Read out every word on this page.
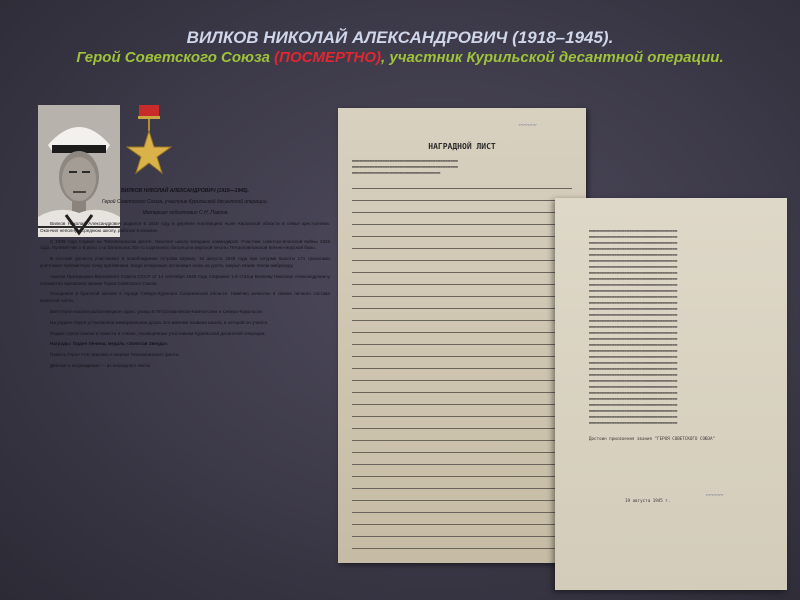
ВИЛКОВ НИКОЛАЙ АЛЕКСАНДРОВИЧ (1918–1945).
Герой Советского Союза (ПОСМЕРТНО), участник Курильской десантной операции.
ВИЛКОВ НИКОЛАЙ АЛЕКСАНДРОВИЧ (1918—1945).
Герой Советского Союза, участник Курильской десантной операции.
Материал подготовил С.Н. Павлов
Вилков Николай Александрович родился в 1918 году в деревне Наговицино ныне Кировской области в семье крестьянина. Окончил неполную среднюю школу, работал в колхозе.
С 1939 года служил на Тихоокеанском флоте. Окончил школу младших командиров. Участник советско-японской войны 1945 года. Пулемётчик 1-й роты 1-го батальона 302-го отдельного батальона морской пехоты Петропавловской военно-морской базы.
В составе десанта участвовал в освобождении острова Шумшу. 18 августа 1945 года при штурме высоты 171 гранатами уничтожил пулемётную точку противника. Когда атакующих остановил огонь из дзота, закрыл своим телом амбразуру.
Указом Президиума Верховного Совета СССР от 14 сентября 1945 года старшине 1-й статьи Вилкову Николаю Александровичу посмертно присвоено звание Героя Советского Союза.
Похоронен в братской могиле в городе Северо-Курильск Сахалинской области. Навечно зачислен в списки личного состава воинской части.
Имя Героя носили рыболовецкое судно, улицы в Петропавловске-Камчатском и Северо-Курильске.
На родине Героя установлена мемориальная доска. Его именем названа школа, в которой он учился.
Подвиг героя описан в повести и стихах, посвящённых участникам Курильской десантной операции.
Награды: Орден Ленина, медаль «Золотая Звезда».
Память Героя чтят земляки и моряки Тихоокеанского флота.
Данные о награждении — из наградного листа.
НАГРАДНОЙ ЛИСТ
▬▬▬▬▬▬▬▬▬▬▬▬▬▬▬▬▬▬▬▬▬▬▬▬▬▬▬▬▬▬▬▬▬▬▬▬▬▬▬▬▬▬
▬▬▬▬▬▬▬▬▬▬▬▬▬▬▬▬▬▬▬▬▬▬▬▬▬▬▬▬▬▬▬▬▬▬▬▬▬▬▬▬▬▬
▬▬▬▬▬▬▬▬▬▬▬▬▬▬▬▬▬▬▬▬▬▬▬▬▬▬▬▬▬▬▬▬▬▬▬
〰〰〰
▬▬▬▬▬▬▬▬▬▬▬▬▬▬▬▬▬▬▬▬▬▬▬▬▬▬▬▬▬▬▬▬▬▬▬
▬▬▬▬▬▬▬▬▬▬▬▬▬▬▬▬▬▬▬▬▬▬▬▬▬▬▬▬▬▬▬▬▬▬▬
▬▬▬▬▬▬▬▬▬▬▬▬▬▬▬▬▬▬▬▬▬▬▬▬▬▬▬▬▬▬▬▬▬▬▬
▬▬▬▬▬▬▬▬▬▬▬▬▬▬▬▬▬▬▬▬▬▬▬▬▬▬▬▬▬▬▬▬▬▬▬
▬▬▬▬▬▬▬▬▬▬▬▬▬▬▬▬▬▬▬▬▬▬▬▬▬▬▬▬▬▬▬▬▬▬▬
▬▬▬▬▬▬▬▬▬▬▬▬▬▬▬▬▬▬▬▬▬▬▬▬▬▬▬▬▬▬▬▬▬▬▬
▬▬▬▬▬▬▬▬▬▬▬▬▬▬▬▬▬▬▬▬▬▬▬▬▬▬▬▬▬▬▬▬▬▬▬
▬▬▬▬▬▬▬▬▬▬▬▬▬▬▬▬▬▬▬▬▬▬▬▬▬▬▬▬▬▬▬▬▬▬▬
▬▬▬▬▬▬▬▬▬▬▬▬▬▬▬▬▬▬▬▬▬▬▬▬▬▬▬▬▬▬▬▬▬▬▬
▬▬▬▬▬▬▬▬▬▬▬▬▬▬▬▬▬▬▬▬▬▬▬▬▬▬▬▬▬▬▬▬▬▬▬
▬▬▬▬▬▬▬▬▬▬▬▬▬▬▬▬▬▬▬▬▬▬▬▬▬▬▬▬▬▬▬▬▬▬▬
▬▬▬▬▬▬▬▬▬▬▬▬▬▬▬▬▬▬▬▬▬▬▬▬▬▬▬▬▬▬▬▬▬▬▬
▬▬▬▬▬▬▬▬▬▬▬▬▬▬▬▬▬▬▬▬▬▬▬▬▬▬▬▬▬▬▬▬▬▬▬
▬▬▬▬▬▬▬▬▬▬▬▬▬▬▬▬▬▬▬▬▬▬▬▬▬▬▬▬▬▬▬▬▬▬▬
▬▬▬▬▬▬▬▬▬▬▬▬▬▬▬▬▬▬▬▬▬▬▬▬▬▬▬▬▬▬▬▬▬▬▬
▬▬▬▬▬▬▬▬▬▬▬▬▬▬▬▬▬▬▬▬▬▬▬▬▬▬▬▬▬▬▬▬▬▬▬
▬▬▬▬▬▬▬▬▬▬▬▬▬▬▬▬▬▬▬▬▬▬▬▬▬▬▬▬▬▬▬▬▬▬▬
▬▬▬▬▬▬▬▬▬▬▬▬▬▬▬▬▬▬▬▬▬▬▬▬▬▬▬▬▬▬▬▬▬▬▬
▬▬▬▬▬▬▬▬▬▬▬▬▬▬▬▬▬▬▬▬▬▬▬▬▬▬▬▬▬▬▬▬▬▬▬
▬▬▬▬▬▬▬▬▬▬▬▬▬▬▬▬▬▬▬▬▬▬▬▬▬▬▬▬▬▬▬▬▬▬▬
▬▬▬▬▬▬▬▬▬▬▬▬▬▬▬▬▬▬▬▬▬▬▬▬▬▬▬▬▬▬▬▬▬▬▬
▬▬▬▬▬▬▬▬▬▬▬▬▬▬▬▬▬▬▬▬▬▬▬▬▬▬▬▬▬▬▬▬▬▬▬
▬▬▬▬▬▬▬▬▬▬▬▬▬▬▬▬▬▬▬▬▬▬▬▬▬▬▬▬▬▬▬▬▬▬▬
▬▬▬▬▬▬▬▬▬▬▬▬▬▬▬▬▬▬▬▬▬▬▬▬▬▬▬▬▬▬▬▬▬▬▬
▬▬▬▬▬▬▬▬▬▬▬▬▬▬▬▬▬▬▬▬▬▬▬▬▬▬▬▬▬▬▬▬▬▬▬
▬▬▬▬▬▬▬▬▬▬▬▬▬▬▬▬▬▬▬▬▬▬▬▬▬▬▬▬▬▬▬▬▬▬▬
▬▬▬▬▬▬▬▬▬▬▬▬▬▬▬▬▬▬▬▬▬▬▬▬▬▬▬▬▬▬▬▬▬▬▬
▬▬▬▬▬▬▬▬▬▬▬▬▬▬▬▬▬▬▬▬▬▬▬▬▬▬▬▬▬▬▬▬▬▬▬
▬▬▬▬▬▬▬▬▬▬▬▬▬▬▬▬▬▬▬▬▬▬▬▬▬▬▬▬▬▬▬▬▬▬▬
▬▬▬▬▬▬▬▬▬▬▬▬▬▬▬▬▬▬▬▬▬▬▬▬▬▬▬▬▬▬▬▬▬▬▬
▬▬▬▬▬▬▬▬▬▬▬▬▬▬▬▬▬▬▬▬▬▬▬▬▬▬▬▬▬▬▬▬▬▬▬
▬▬▬▬▬▬▬▬▬▬▬▬▬▬▬▬▬▬▬▬▬▬▬▬▬▬▬▬▬▬▬▬▬▬▬
▬▬▬▬▬▬▬▬▬▬▬▬▬▬▬▬▬▬▬▬▬▬▬▬▬▬▬▬▬▬▬▬▬▬▬
Достоин присвоения звания "ГЕРОЯ СОВЕТСКОГО СОЮЗА"
19 августа 1945 г.
〰〰〰
